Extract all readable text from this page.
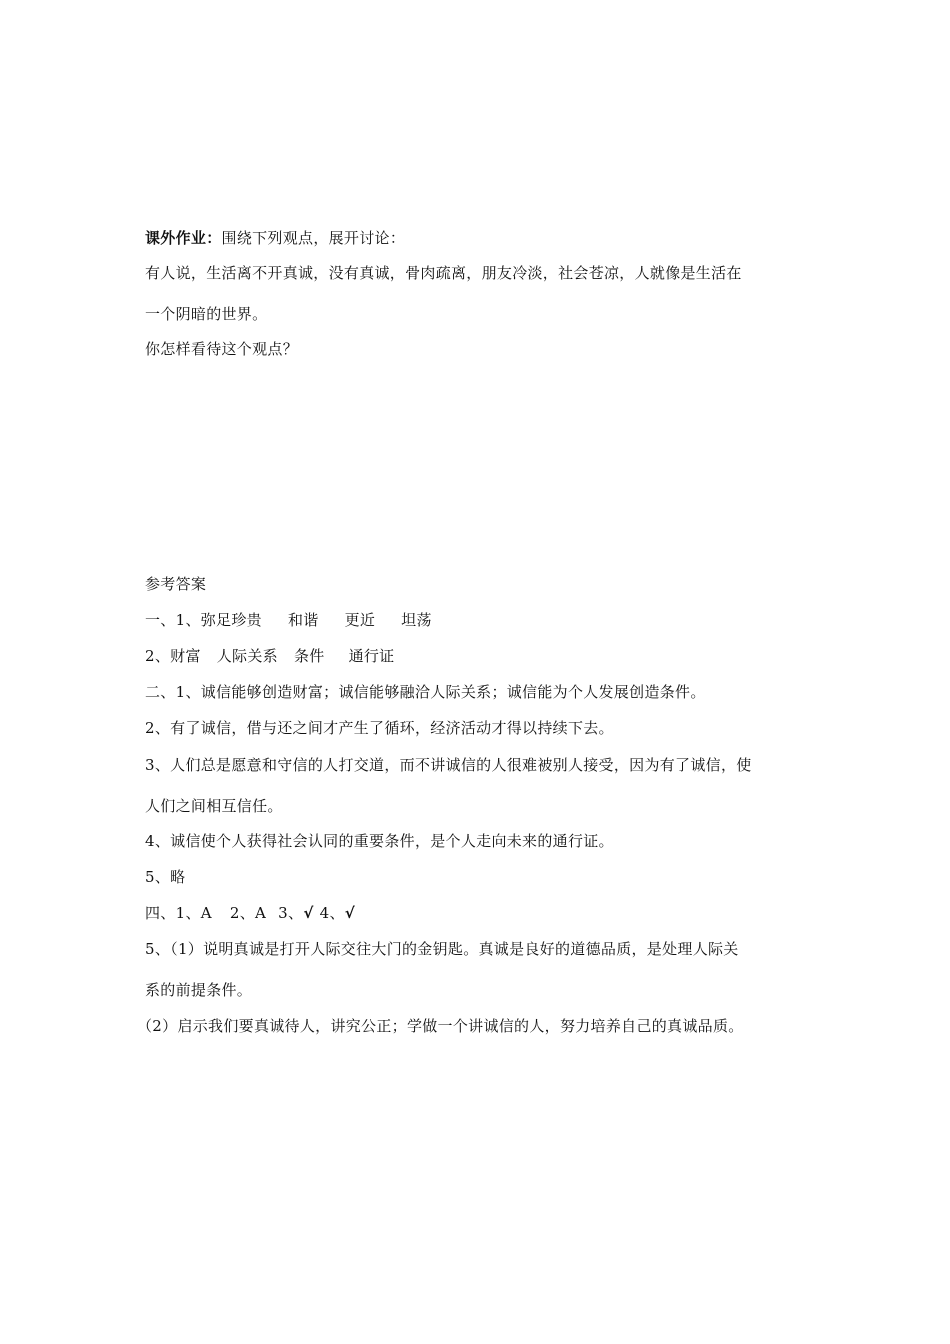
课外作业：围绕下列观点，展开讨论：
有人说，生活离不开真诚，没有真诚，骨肉疏离，朋友冷淡，社会苍凉，人就像是生活在
一个阴暗的世界。
你怎样看待这个观点？
参考答案
一、1、弥足珍贵 和谐 更近 坦荡
2、财富 人际关系 条件 通行证
二、1、诚信能够创造财富；诚信能够融洽人际关系；诚信能为个人发展创造条件。
2、有了诚信，借与还之间才产生了循环，经济活动才得以持续下去。
3、人们总是愿意和守信的人打交道，而不讲诚信的人很难被别人接受，因为有了诚信，使
人们之间相互信任。
4、诚信使个人获得社会认同的重要条件，是个人走向未来的通行证。
5、略
四、1、A 2、A 3、√ 4、√
5、（1）说明真诚是打开人际交往大门的金钥匙。真诚是良好的道德品质，是处理人际关
系的前提条件。
（2）启示我们要真诚待人，讲究公正；学做一个讲诚信的人，努力培养自己的真诚品质。
